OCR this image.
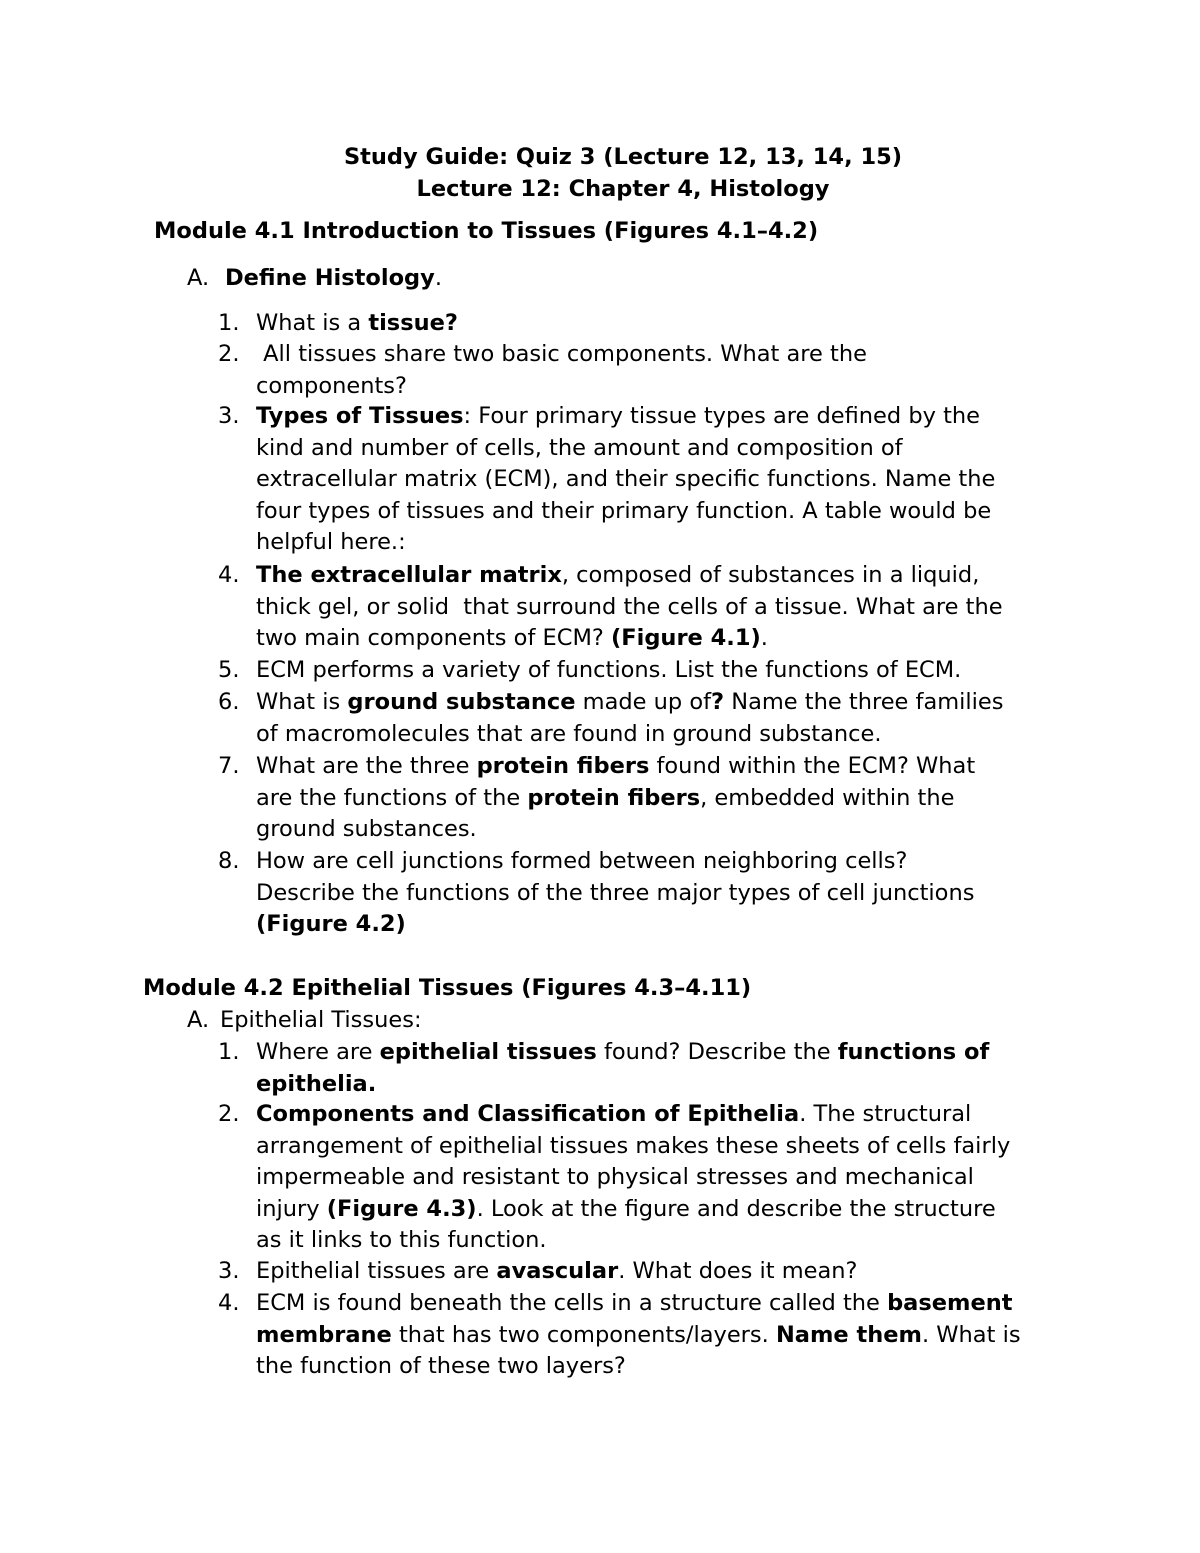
Study Guide: Quiz 3 (Lecture 12, 13, 14, 15)
Lecture 12: Chapter 4, Histology
Module 4.1 Introduction to Tissues (Figures 4.1–4.2)
A. Define Histology.
1. What is a tissue?
2. All tissues share two basic components. What are the
components?
3. Types of Tissues: Four primary tissue types are defined by the
kind and number of cells, the amount and composition of
extracellular matrix (ECM), and their specific functions. Name the
four types of tissues and their primary function. A table would be
helpful here.:
4. The extracellular matrix, composed of substances in a liquid,
thick gel, or solid  that surround the cells of a tissue. What are the
two main components of ECM? (Figure 4.1).
5. ECM performs a variety of functions. List the functions of ECM.
6. What is ground substance made up of? Name the three families
of macromolecules that are found in ground substance.
7. What are the three protein fibers found within the ECM? What
are the functions of the protein fibers, embedded within the
ground substances.
8. How are cell junctions formed between neighboring cells?
Describe the functions of the three major types of cell junctions
(Figure 4.2)
Module 4.2 Epithelial Tissues (Figures 4.3–4.11)
A. Epithelial Tissues:
1. Where are epithelial tissues found? Describe the functions of
epithelia.
2. Components and Classification of Epithelia. The structural
arrangement of epithelial tissues makes these sheets of cells fairly
impermeable and resistant to physical stresses and mechanical
injury (Figure 4.3). Look at the figure and describe the structure
as it links to this function.
3. Epithelial tissues are avascular. What does it mean?
4. ECM is found beneath the cells in a structure called the basement
membrane that has two components/layers. Name them. What is
the function of these two layers?
